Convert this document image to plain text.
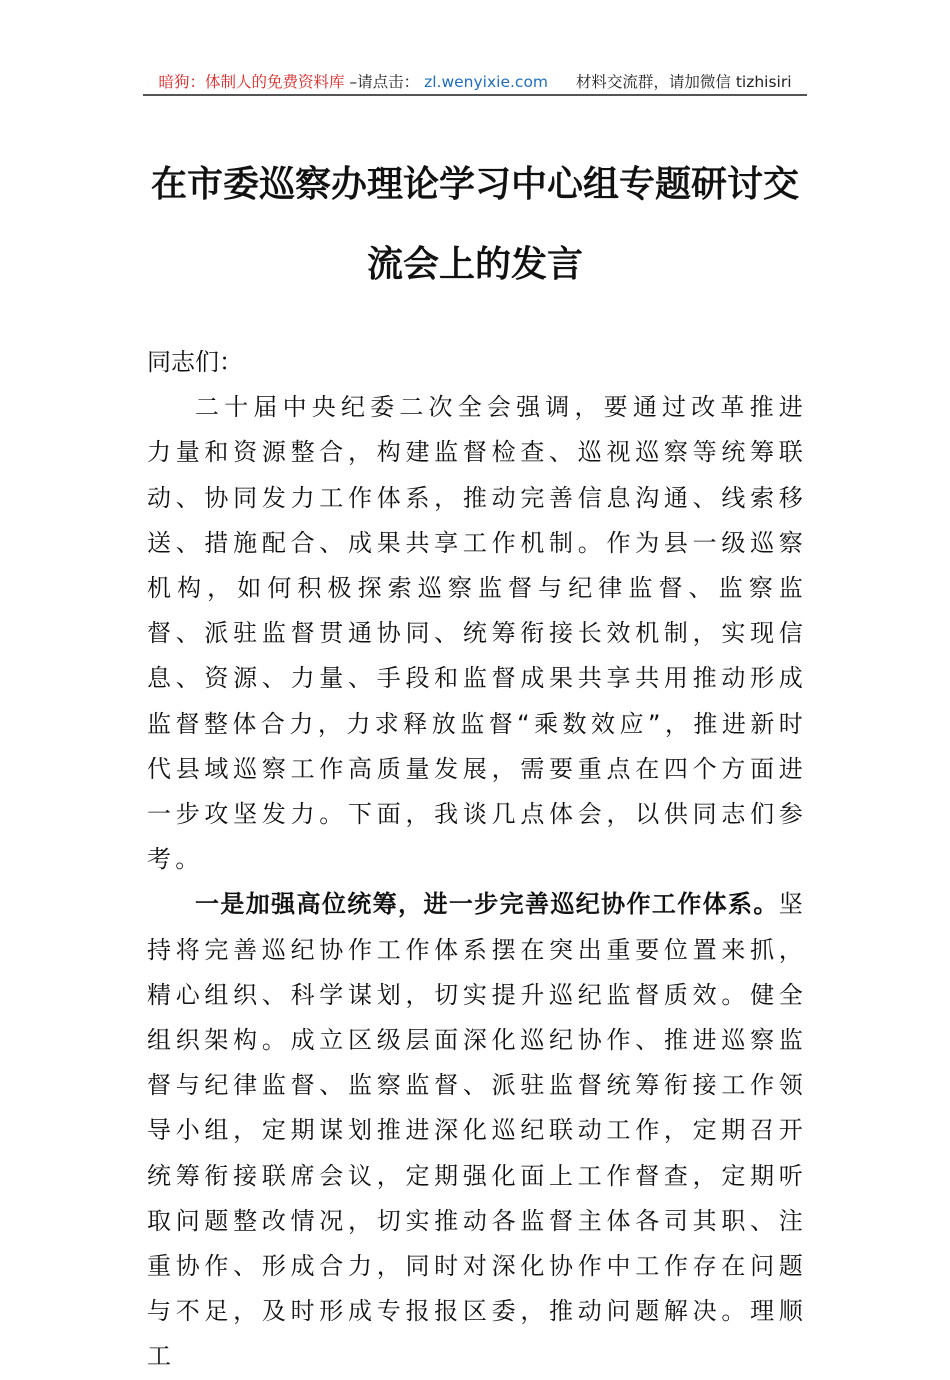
暗狗：体制人的免费资料库 –请点击： zl.wenyixie.com 材料交流群，请加微信 tizhisiri
在市委巡察办理论学习中心组专题研讨交
流会上的发言

同志们：

二十届中央纪委二次全会强调，要通过改革推进力量和资源整合，构建监督检查、巡视巡察等统筹联动、协同发力工作体系，推动完善信息沟通、线索移送、措施配合、成果共享工作机制。作为县一级巡察机构，如何积极探索巡察监督与纪律监督、监察监督、派驻监督贯通协同、统筹衔接长效机制，实现信息、资源、力量、手段和监督成果共享共用推动形成监督整体合力，力求释放监督“乘数效应”，推进新时代县域巡察工作高质量发展，需要重点在四个方面进一步攻坚发力。下面，我谈几点体会，以供同志们参考。

一是加强高位统筹，进一步完善巡纪协作工作体系。坚持将完善巡纪协作工作体系摆在突出重要位置来抓，精心组织、科学谋划，切实提升巡纪监督质效。健全组织架构。成立区级层面深化巡纪协作、推进巡察监督与纪律监督、监察监督、派驻监督统筹衔接工作领导小组，定期谋划推进深化巡纪联动工作，定期召开统筹衔接联席会议，定期强化面上工作督查，定期听取问题整改情况，切实推动各监督主体各司其职、注重协作、形成合力，同时对深化协作中工作存在问题与不足，及时形成专报报区委，推动问题解决。理顺工
